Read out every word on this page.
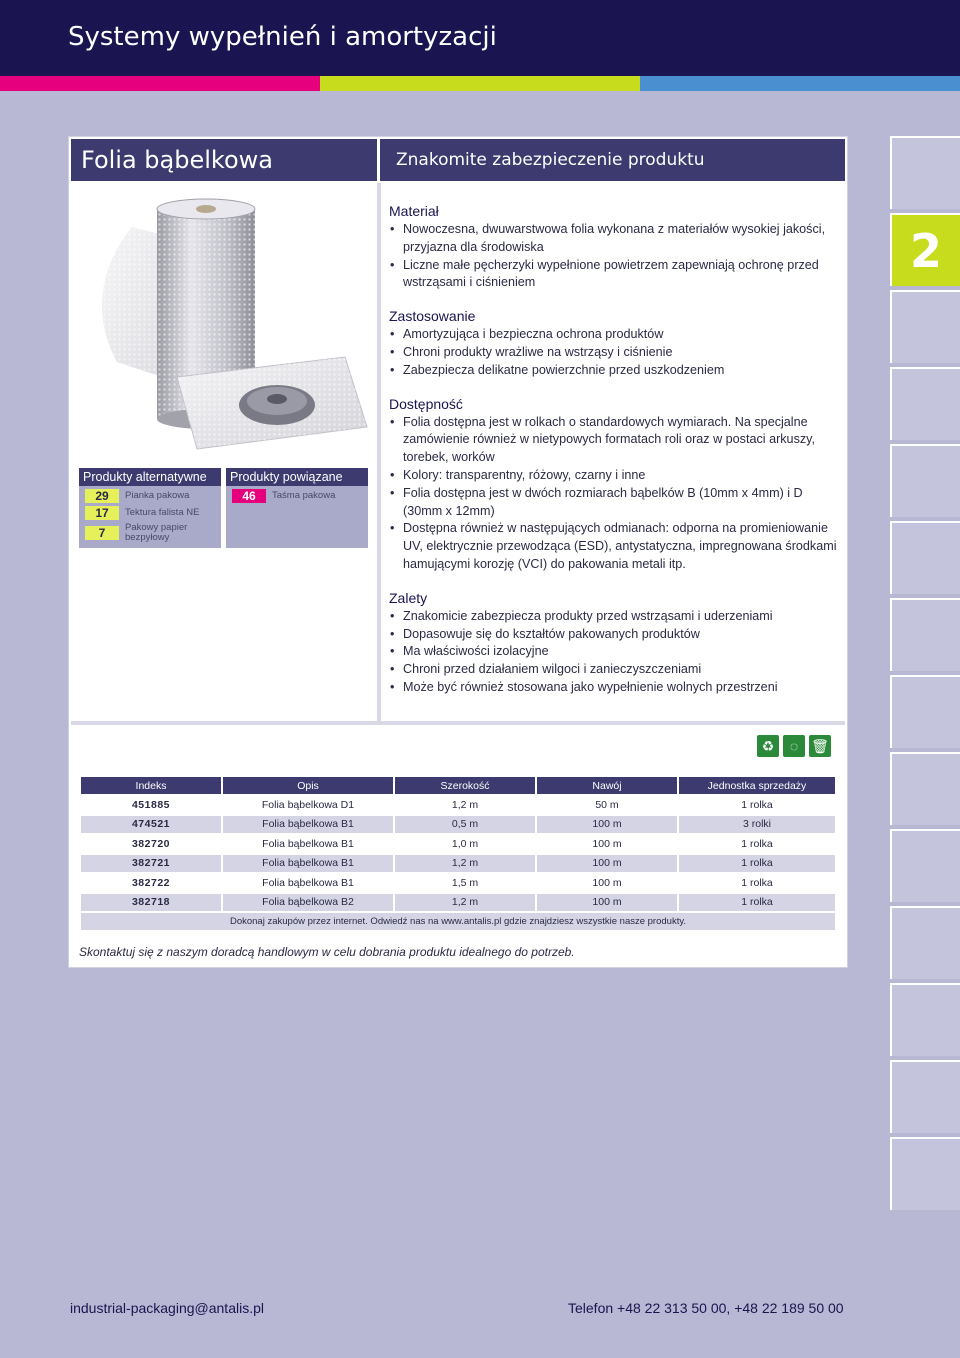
Systemy wypełnień i amortyzacji
2
Folia bąbelkowa	Znakomite zabezpieczenie produktu
Produkty alternatywne
29	Pianka pakowa
17	Tektura falista NE
7	Pakowy papier bezpyłowy
Produkty powiązane
46	Taśma pakowa
Materiał
• Nowoczesna, dwuwarstwowa folia wykonana z materiałów wysokiej jakości, przyjazna dla środowiska
• Liczne małe pęcherzyki wypełnione powietrzem zapewniają ochronę przed wstrząsami i ciśnieniem
Zastosowanie
• Amortyzująca i bezpieczna ochrona produktów
• Chroni produkty wrażliwe na wstrząsy i ciśnienie
• Zabezpiecza delikatne powierzchnie przed uszkodzeniem
Dostępność
• Folia dostępna jest w rolkach o standardowych wymiarach. Na specjalne zamówienie również w nietypowych formatach roli oraz w postaci arkuszy, torebek, worków
• Kolory: transparentny, różowy, czarny i inne
• Folia dostępna jest w dwóch rozmiarach bąbelków B (10mm x 4mm) i D (30mm x 12mm)
• Dostępna również w następujących odmianach: odporna na promieniowanie UV, elektrycznie przewodząca (ESD), antystatyczna, impregnowana środkami hamującymi korozję (VCI) do pakowania metali itp.
Zalety
• Znakomicie zabezpiecza produkty przed wstrząsami i uderzeniami
• Dopasowuje się do kształtów pakowanych produktów
• Ma właściwości izolacyjne
• Chroni przed działaniem wilgoci i zanieczyszczeniami
• Może być również stosowana jako wypełnienie wolnych przestrzeni
♻	◌ 🗑
Indeks	Opis	Szerokość	Nawój	Jednostka sprzedaży
451885	Folia bąbelkowa D1	1,2 m	50 m	1 rolka
474521	Folia bąbelkowa B1	0,5 m	100 m	3 rolki
382720	Folia bąbelkowa B1	1,0 m	100 m	1 rolka
382721	Folia bąbelkowa B1	1,2 m	100 m	1 rolka
382722	Folia bąbelkowa B1	1,5 m	100 m	1 rolka
382718	Folia bąbelkowa B2	1,2 m	100 m	1 rolka
Dokonaj zakupów przez internet. Odwiedź nas na www.antalis.pl gdzie znajdziesz wszystkie nasze produkty.				
Skontaktuj się z naszym doradcą handlowym w celu dobrania produktu idealnego do potrzeb.
industrial-packaging@antalis.pl	Telefon +48 22 313 50 00, +48 22 189 50 00
